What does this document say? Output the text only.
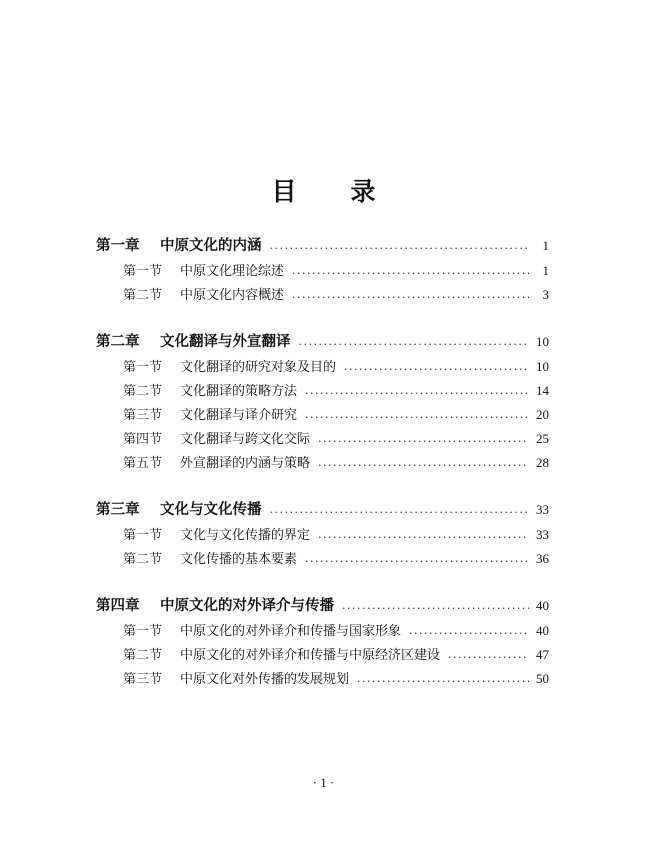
目 录
第一章	中原文化的内涵 .....	1
第一节	中原文化理论综述 .....	1
第二节	中原文化内容概述 .....	3
第二章	文化翻译与外宣翻译 .....	10
第一节	文化翻译的研究对象及目的 .....	10
第二节	文化翻译的策略方法 .....	14
第三节	文化翻译与译介研究 .....	20
第四节	文化翻译与跨文化交际 .....	25
第五节	外宣翻译的内涵与策略 .....	28
第三章	文化与文化传播 .....	33
第一节	文化与文化传播的界定 .....	33
第二节	文化传播的基本要素 .....	36
第四章	中原文化的对外译介与传播 .....	40
第一节	中原文化的对外译介和传播与国家形象 .....	40
第二节	中原文化的对外译介和传播与中原经济区建设 .....	47
第三节	中原文化对外传播的发展规划 .....	50
· 1 ·
